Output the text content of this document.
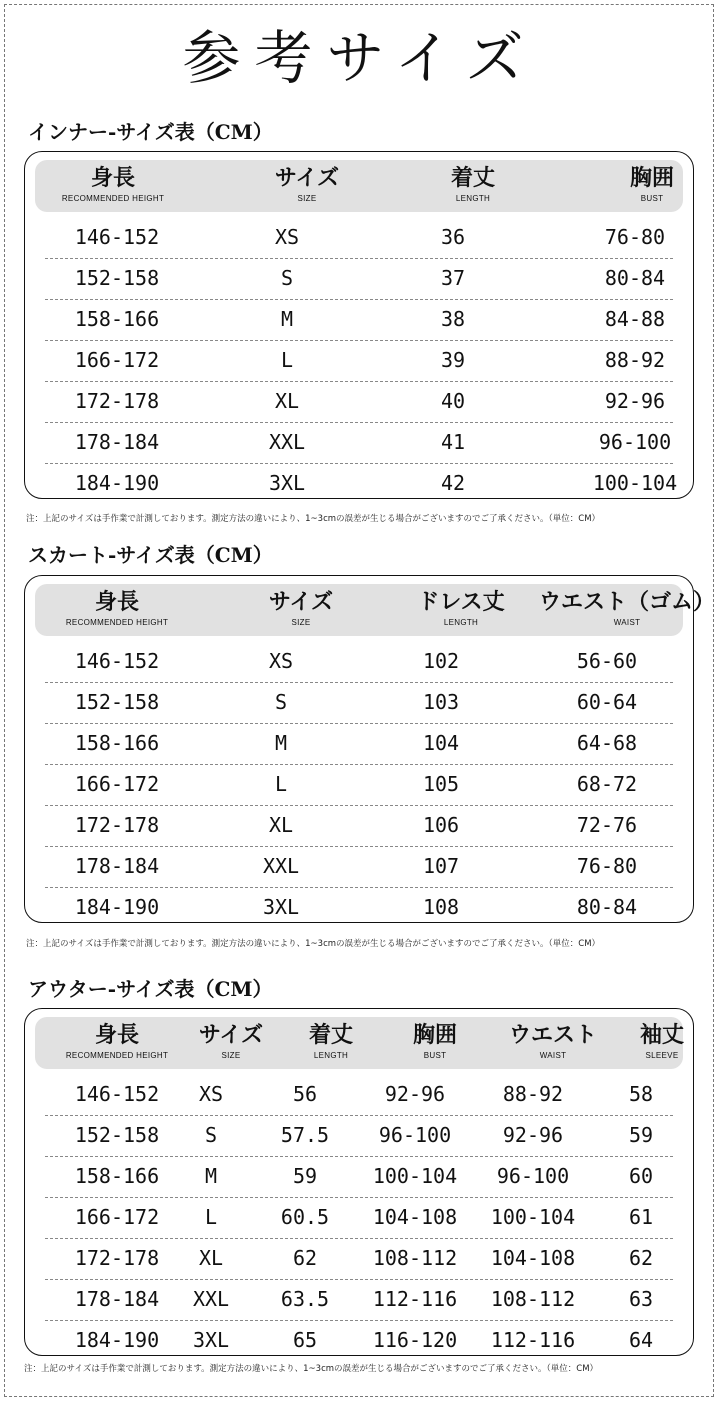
参考サイズ
インナー-サイズ表（CM）
身長
RECOMMENDED HEIGHT
サイズ
SIZE
着丈
LENGTH
胸囲
BUST
146-152	XS	36	76-80
152-158	S	37	80-84
158-166	M	38	84-88
166-172	L	39	88-92
172-178	XL	40	92-96
178-184	XXL	41	96-100
184-190	3XL	42	100-104
注：上記のサイズは手作業で計測しております。測定方法の違いにより、1~3cmの誤差が生じる場合がございますのでご了承ください。（単位：CM）
スカート-サイズ表（CM）
身長
RECOMMENDED HEIGHT
サイズ
SIZE
ドレス丈
LENGTH
ウエスト（ゴム）
WAIST
146-152	XS	102	56-60
152-158	S	103	60-64
158-166	M	104	64-68
166-172	L	105	68-72
172-178	XL	106	72-76
178-184	XXL	107	76-80
184-190	3XL	108	80-84
注：上記のサイズは手作業で計測しております。測定方法の違いにより、1~3cmの誤差が生じる場合がございますのでご了承ください。（単位：CM）
アウター-サイズ表（CM）
身長
RECOMMENDED HEIGHT
サイズ
SIZE
着丈
LENGTH
胸囲
BUST
ウエスト
WAIST
袖丈
SLEEVE
146-152 XS	56	92-96	88-92	58
152-158 S	57.5 96-100	92-96	59
158-166 M	59	100-104 96-100	60
166-172 L	60.5 104-108 100-104	61
172-178 XL	62	108-112 104-108	62
178-184 XXL	63.5 112-116 108-112	63
184-190 3XL	65	116-120 112-116	64
注：上記のサイズは手作業で計測しております。測定方法の違いにより、1~3cmの誤差が生じる場合がございますのでご了承ください。（単位：CM）
